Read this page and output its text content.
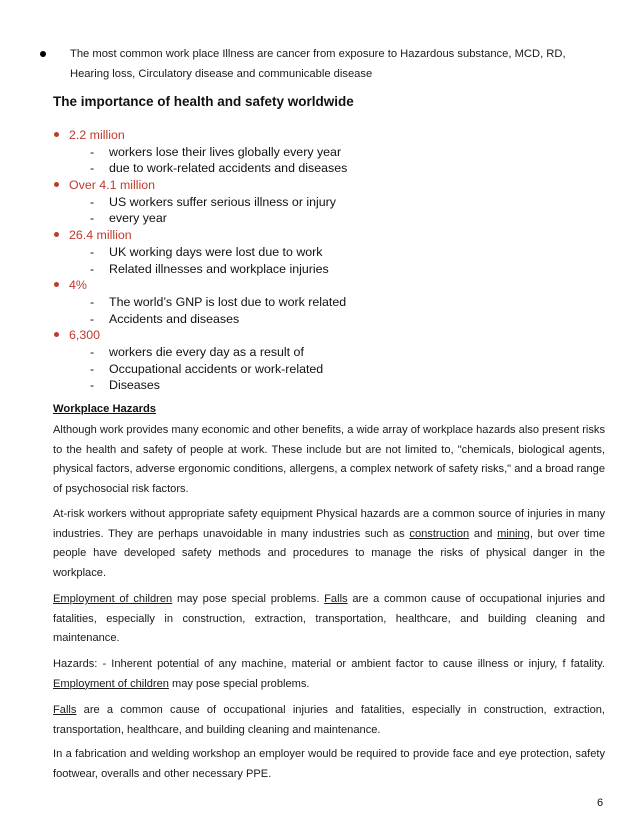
The most common work place Illness are cancer from exposure to Hazardous substance, MCD, RD, Hearing loss, Circulatory disease and communicable disease
The importance of health and safety worldwide
2.2 million
- workers lose their lives globally every year
- due to work-related accidents and diseases
Over 4.1 million
- US workers suffer serious illness or injury
- every year
26.4 million
- UK working days were lost due to work
- Related illnesses and workplace injuries
4%
- The world’s GNP is lost due to work related
- Accidents and diseases
6,300
- workers die every day as a result of
- Occupational accidents or work-related
- Diseases
Workplace Hazards

Although work provides many economic and other benefits, a wide array of workplace hazards also present risks to the health and safety of people at work. These include but are not limited to, "chemicals, biological agents, physical factors, adverse ergonomic conditions, allergens, a complex network of safety risks," and a broad range of psychosocial risk factors.

At-risk workers without appropriate safety equipment Physical hazards are a common source of injuries in many industries. They are perhaps unavoidable in many industries such as construction and mining, but over time people have developed safety methods and procedures to manage the risks of physical danger in the workplace.

Employment of children may pose special problems. Falls are a common cause of occupational injuries and fatalities, especially in construction, extraction, transportation, healthcare, and building cleaning and maintenance.

Hazards: - Inherent potential of any machine, material or ambient factor to cause illness or injury, f fatality. Employment of children may pose special problems.

Falls are a common cause of occupational injuries and fatalities, especially in construction, extraction, transportation, healthcare, and building cleaning and maintenance.

In a fabrication and welding workshop an employer would be required to provide face and eye protection, safety footwear, overalls and other necessary PPE.

6
